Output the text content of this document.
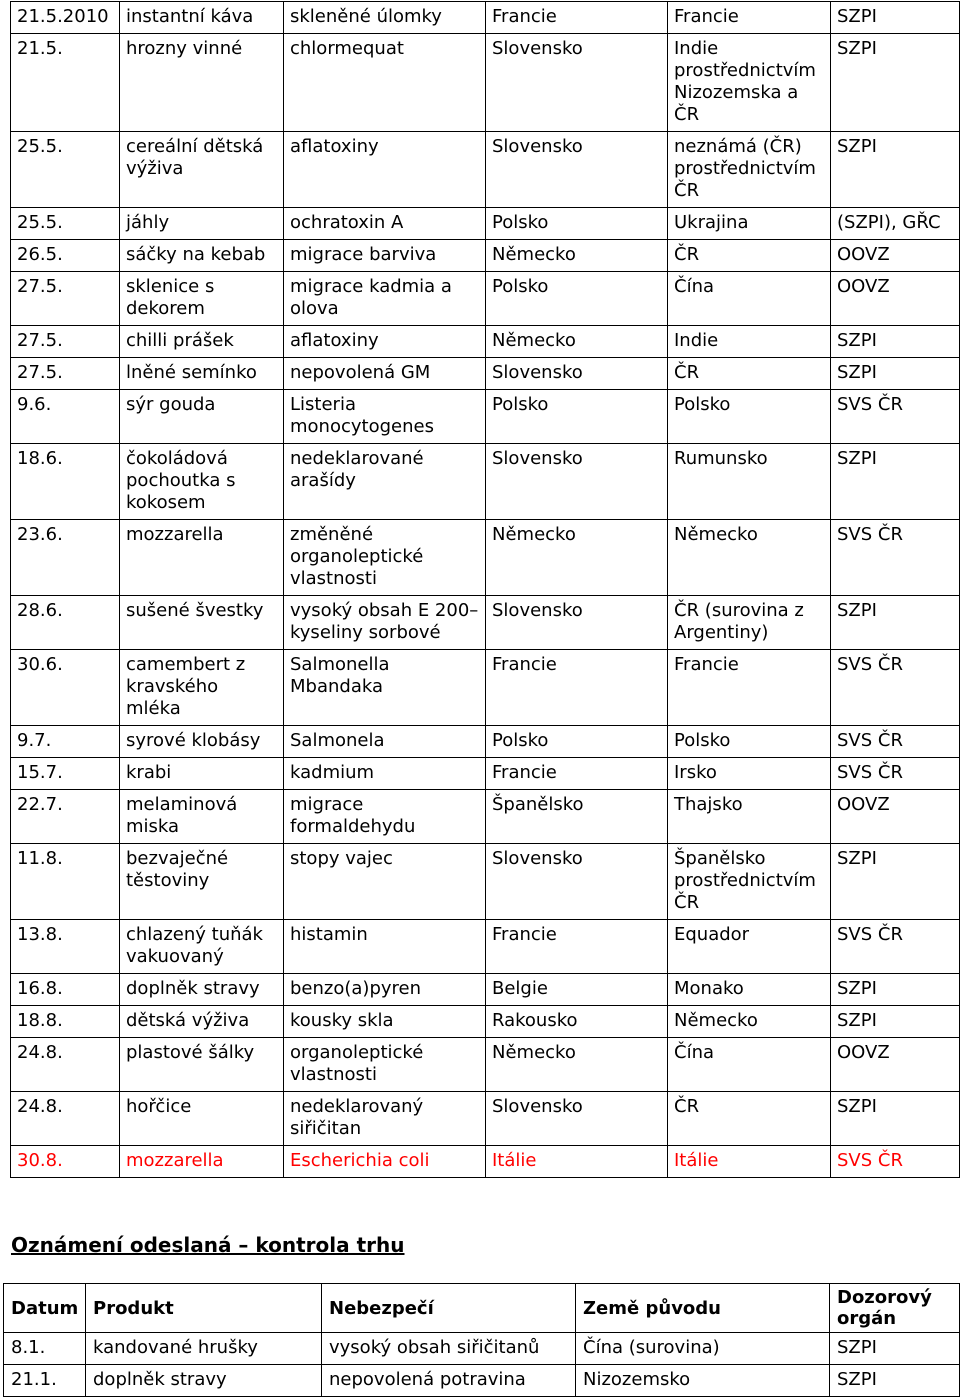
21.5.2010	instantní káva	skleněné úlomky	Francie	Francie	SZPI
21.5.	hrozny vinné	chlormequat	Slovensko	Indie prostřednictvím Nizozemska a ČR	SZPI
25.5.	cereální dětská výživa	aflatoxiny	Slovensko	neznámá (ČR) prostřednictvím ČR	SZPI
25.5.	jáhly	ochratoxin A	Polsko	Ukrajina	(SZPI), GŘC
26.5.	sáčky na kebab	migrace barviva	Německo	ČR	OOVZ
27.5.	sklenice s dekorem	migrace kadmia a olova	Polsko	Čína	OOVZ
27.5.	chilli prášek	aflatoxiny	Německo	Indie	SZPI
27.5.	lněné semínko	nepovolená GM	Slovensko	ČR	SZPI
9.6.	sýr gouda	Listeria monocytogenes	Polsko	Polsko	SVS ČR
18.6.	čokoládová pochoutka s kokosem	nedeklarované arašídy	Slovensko	Rumunsko	SZPI
23.6.	mozzarella	změněné organoleptické vlastnosti	Německo	Německo	SVS ČR
28.6.	sušené švestky	vysoký obsah E 200–kyseliny sorbové	Slovensko	ČR (surovina z Argentiny)	SZPI
30.6.	camembert z kravského mléka	Salmonella Mbandaka	Francie	Francie	SVS ČR
9.7.	syrové klobásy	Salmonela	Polsko	Polsko	SVS ČR
15.7.	krabi	kadmium	Francie	Irsko	SVS ČR
22.7.	melaminová miska	migrace formaldehydu	Španělsko	Thajsko	OOVZ
11.8.	bezvaječné těstoviny	stopy vajec	Slovensko	Španělsko prostřednictvím ČR	SZPI
13.8.	chlazený tuňák vakuovaný	histamin	Francie	Equador	SVS ČR
16.8.	doplněk stravy	benzo(a)pyren	Belgie	Monako	SZPI
18.8.	dětská výživa	kousky skla	Rakousko	Německo	SZPI
24.8.	plastové šálky	organoleptické vlastnosti	Německo	Čína	OOVZ
24.8.	hořčice	nedeklarovaný siřičitan	Slovensko	ČR	SZPI
30.8.	mozzarella	Escherichia coli	Itálie	Itálie	SVS ČR
Oznámení odeslaná – kontrola trhu
Datum	Produkt	Nebezpečí	Země původu	Dozorový orgán
8.1.	kandované hrušky	vysoký obsah siřičitanů	Čína (surovina)	SZPI
21.1.	doplněk stravy	nepovolená potravina	Nizozemsko	SZPI
